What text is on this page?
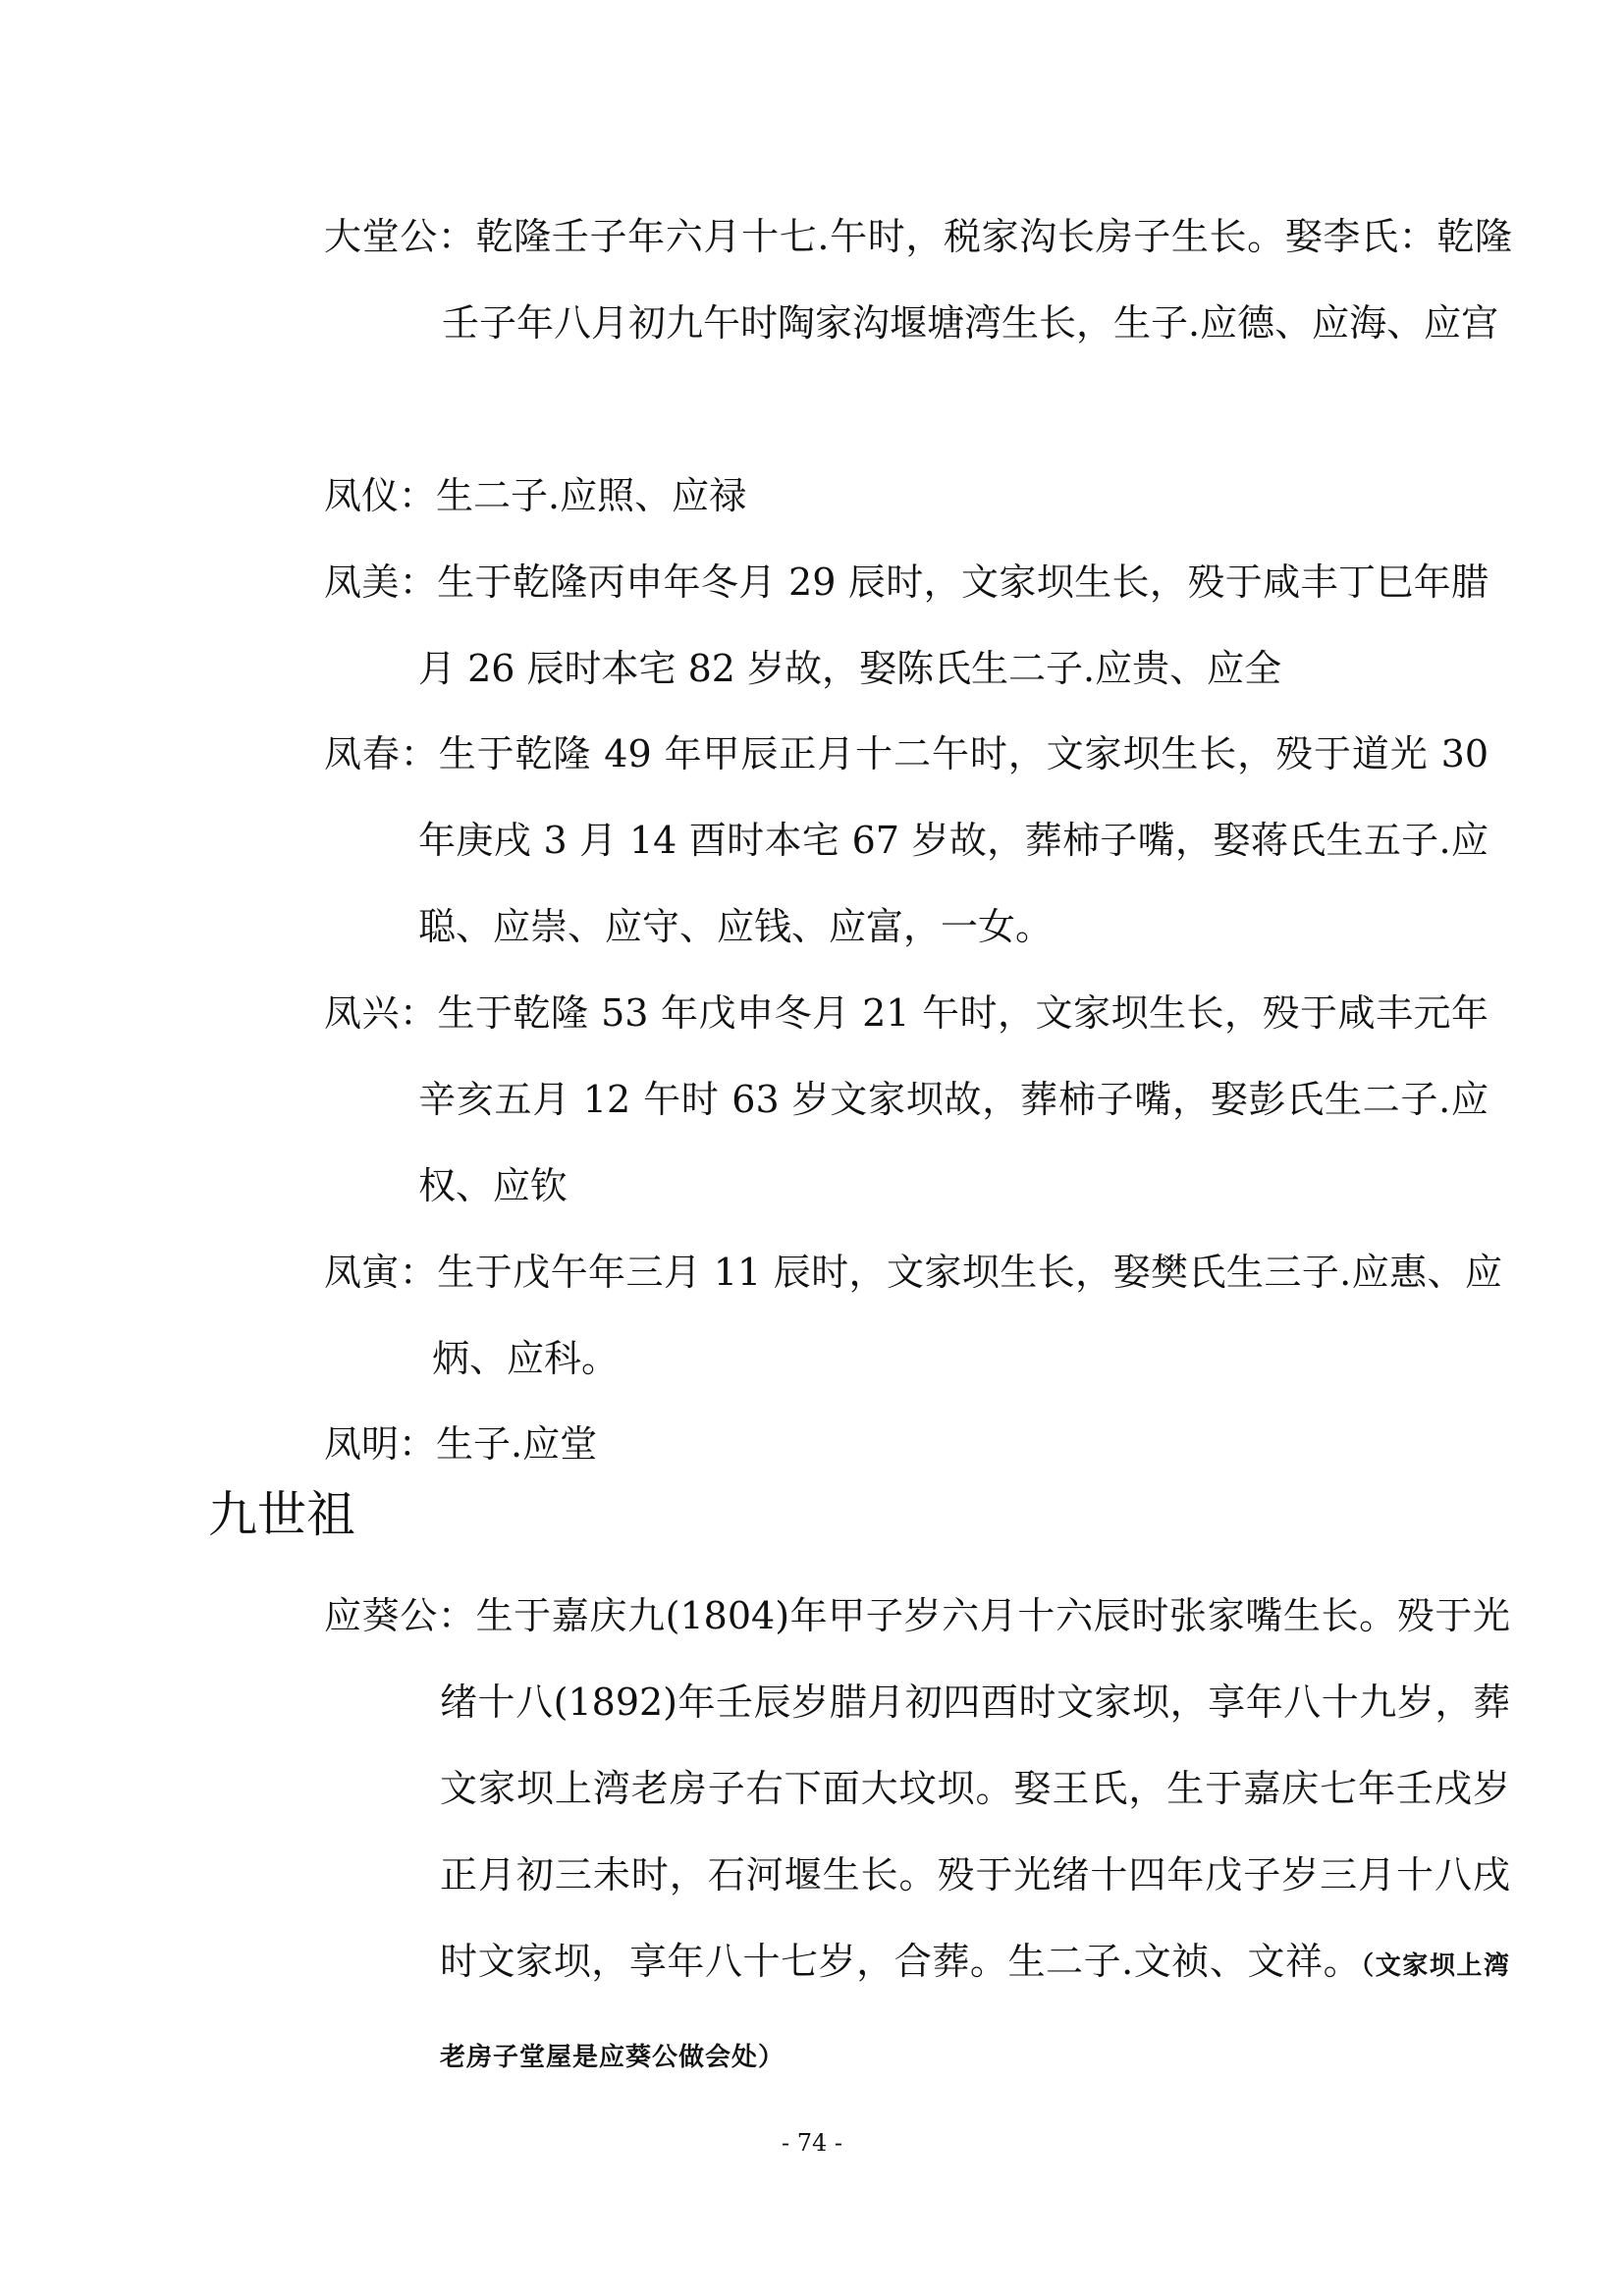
大堂公：乾隆壬子年六月十七.午时，税家沟长房子生长。娶李氏：乾隆壬子年八月初九午时陶家沟堰塘湾生长，生子.应德、应海、应宫

凤仪：生二子.应照、应禄

凤美：生于乾隆丙申年冬月 29 辰时，文家坝生长，殁于咸丰丁巳年腊月 26 辰时本宅 82 岁故，娶陈氏生二子.应贵、应全

凤春：生于乾隆 49 年甲辰正月十二午时，文家坝生长，殁于道光 30 年庚戌 3 月 14 酉时本宅 67 岁故，葬柿子嘴，娶蒋氏生五子.应聪、应崇、应守、应钱、应富，一女。

凤兴：生于乾隆 53 年戊申冬月 21 午时，文家坝生长，殁于咸丰元年辛亥五月 12 午时 63 岁文家坝故，葬柿子嘴，娶彭氏生二子.应权、应钦

凤寅：生于戊午年三月 11 辰时，文家坝生长，娶樊氏生三子.应惠、应炳、应科。

凤明：生子.应堂

九世祖

应葵公：生于嘉庆九(1804)年甲子岁六月十六辰时张家嘴生长。殁于光绪十八(1892)年壬辰岁腊月初四酉时文家坝，享年八十九岁，葬文家坝上湾老房子右下面大坟坝。娶王氏，生于嘉庆七年壬戌岁正月初三未时，石河堰生长。殁于光绪十四年戊子岁三月十八戌时文家坝，享年八十七岁，合葬。生二子.文祯、文祥。（文家坝上湾老房子堂屋是应葵公做会处）

- 74 -
